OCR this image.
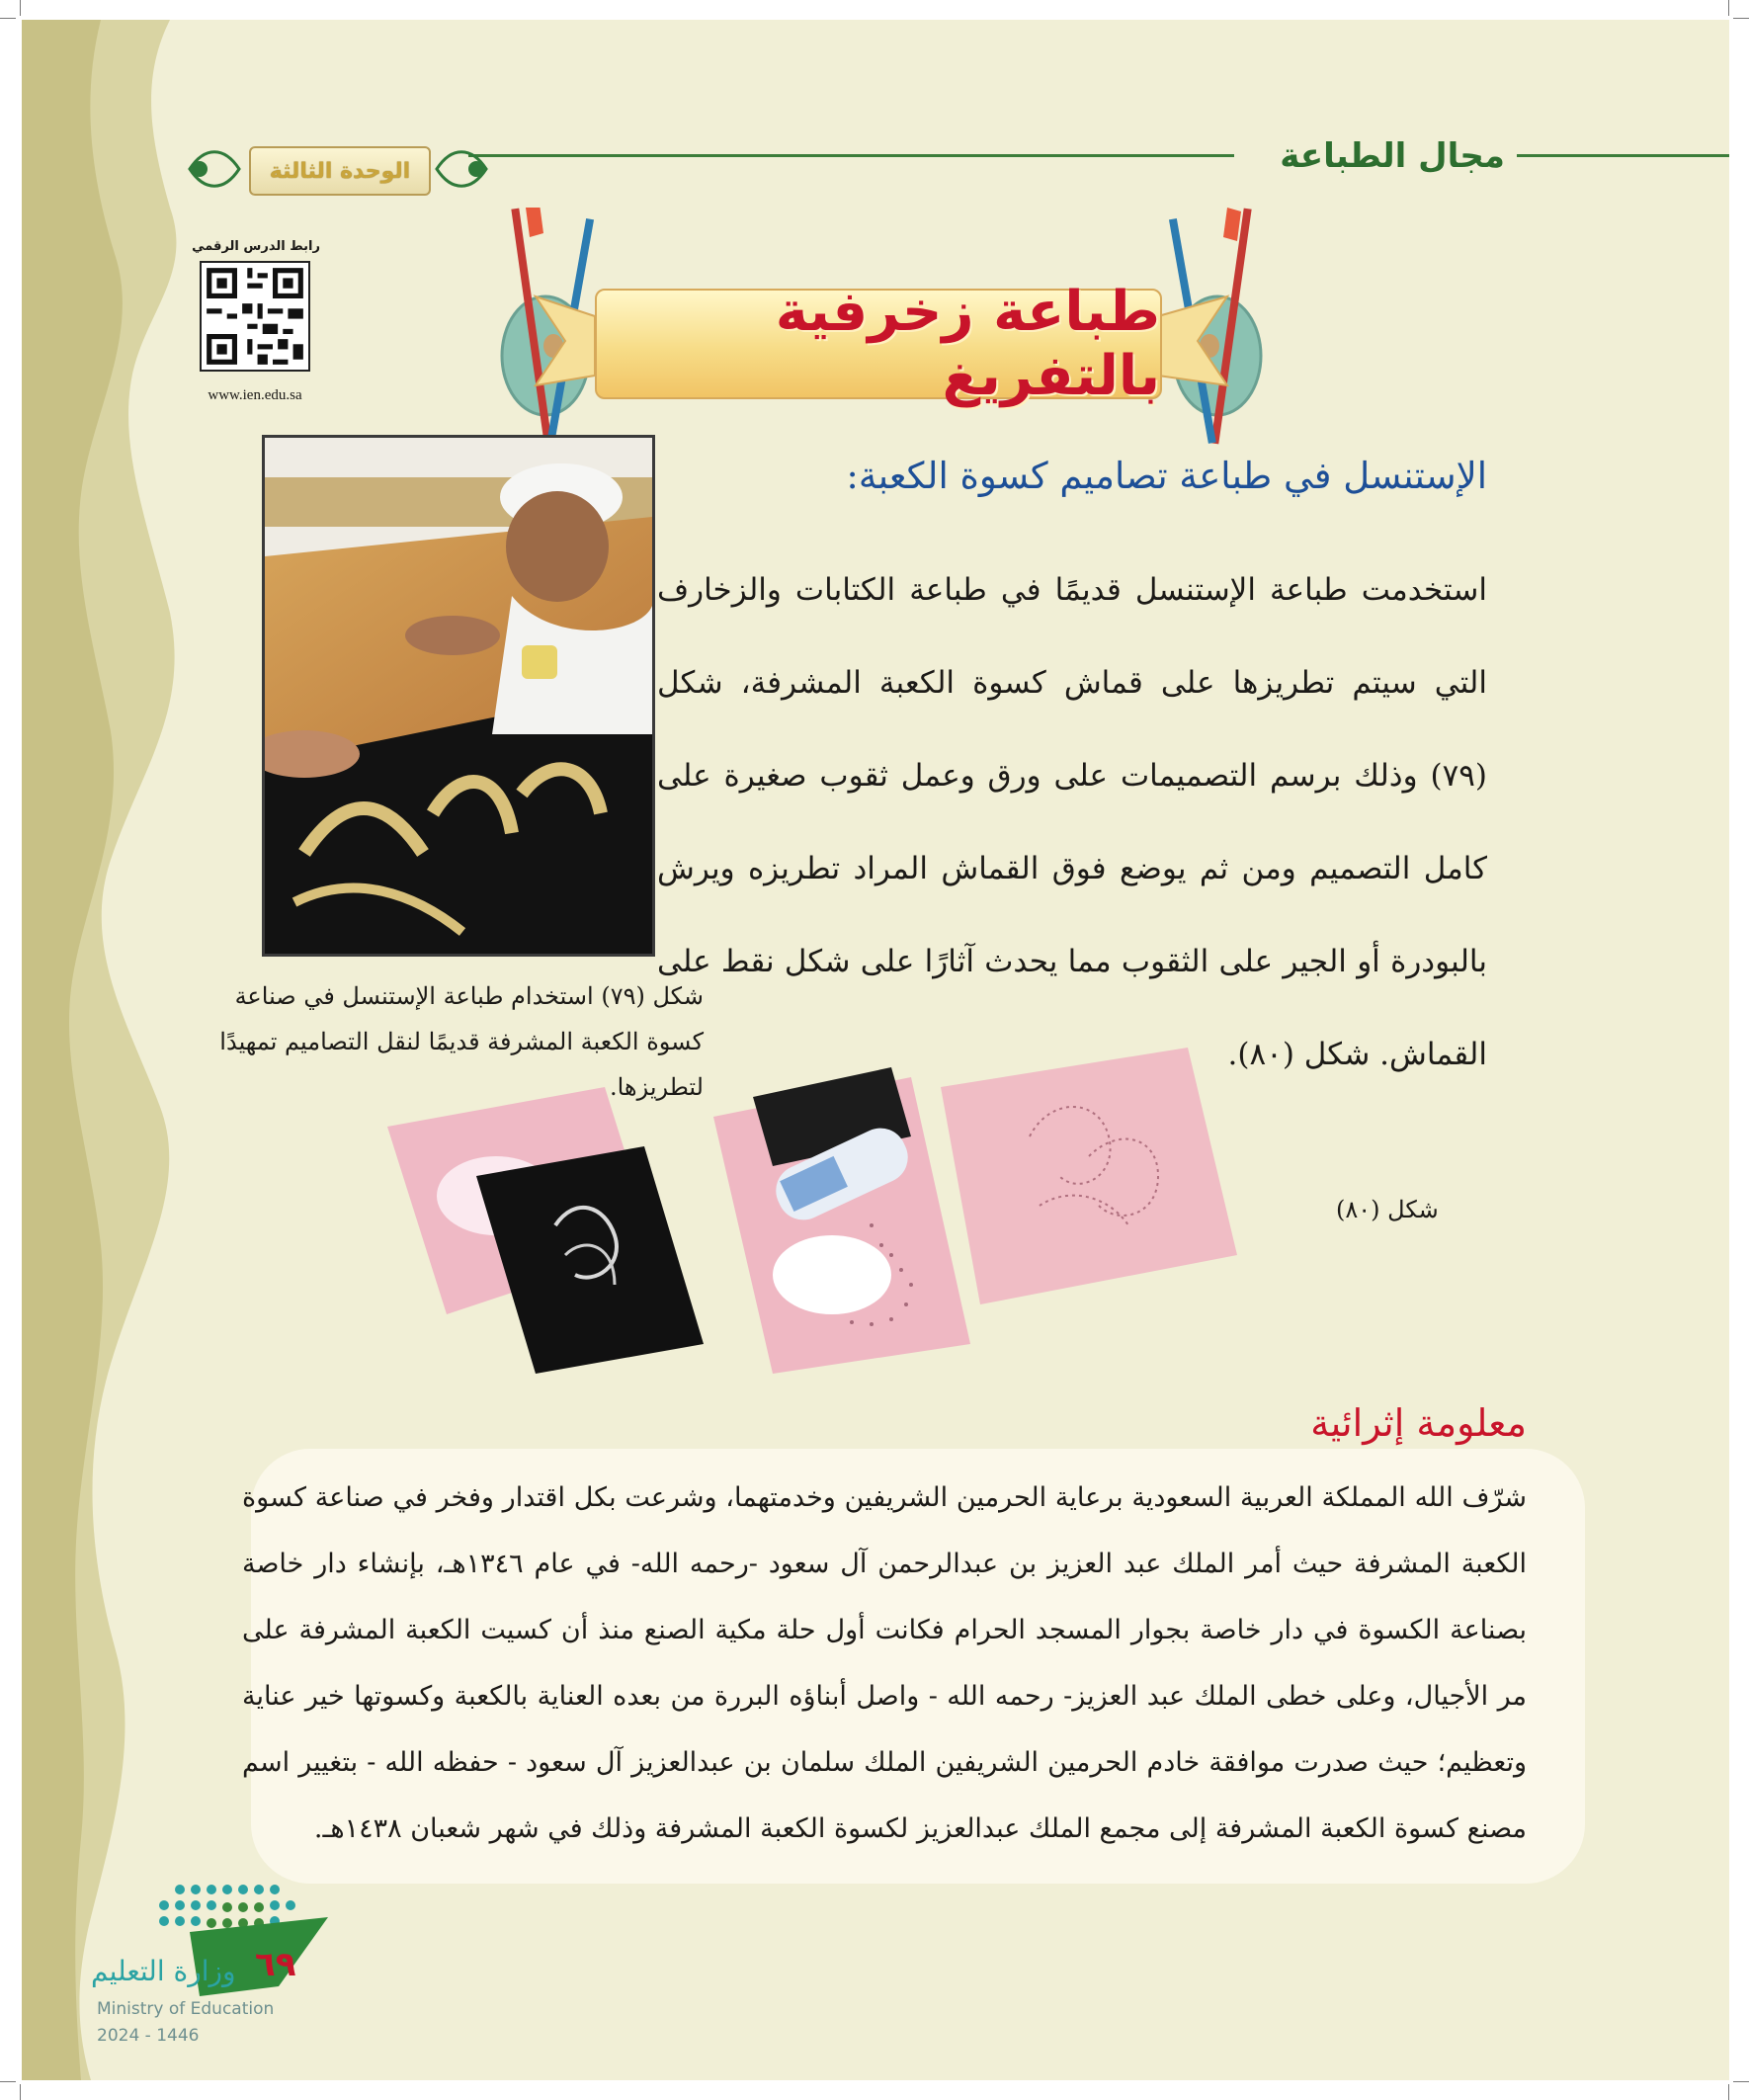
الوحدة الثالثة	مجال الطباعة
رابط الدرس الرقمي
www.ien.edu.sa
طباعة زخرفية بالتفريغ
شكل (٧٩) استخدام طباعة الإستنسل في صناعة كسوة الكعبة المشرفة قديمًا لنقل التصاميم تمهيدًا لتطريزها.
الإستنسل في طباعة تصاميم كسوة الكعبة:
استخدمت طباعة الإستنسل قديمًا في طباعة الكتابات والزخارف التي سيتم تطريزها على قماش كسوة الكعبة المشرفة، شكل (٧٩) وذلك برسم التصميمات على ورق وعمل ثقوب صغيرة على كامل التصميم ومن ثم يوضع فوق القماش المراد تطريزه ويرش بالبودرة أو الجير على الثقوب مما يحدث آثارًا على شكل نقط على القماش. شكل (٨٠).
شكل (٨٠)
معلومة إثرائية
شرّف الله المملكة العربية السعودية برعاية الحرمين الشريفين وخدمتهما، وشرعت بكل اقتدار وفخر في صناعة كسوة الكعبة المشرفة حيث أمر الملك عبد العزيز بن عبدالرحمن آل سعود -رحمه الله- في عام ١٣٤٦هـ، بإنشاء دار خاصة بصناعة الكسوة في دار خاصة بجوار المسجد الحرام فكانت أول حلة مكية الصنع منذ أن كسيت الكعبة المشرفة على مر الأجيال، وعلى خطى الملك عبد العزيز- رحمه الله - واصل أبناؤه البررة من بعده العناية بالكعبة وكسوتها خير عناية وتعظيم؛ حيث صدرت موافقة خادم الحرمين الشريفين الملك سلمان بن عبدالعزيز آل سعود - حفظه الله - بتغيير اسم مصنع كسوة الكعبة المشرفة إلى مجمع الملك عبدالعزيز لكسوة الكعبة المشرفة وذلك في شهر شعبان ١٤٣٨هـ.
وزارة التعليم
Ministry of Education
2024 - 1446
٦٩
